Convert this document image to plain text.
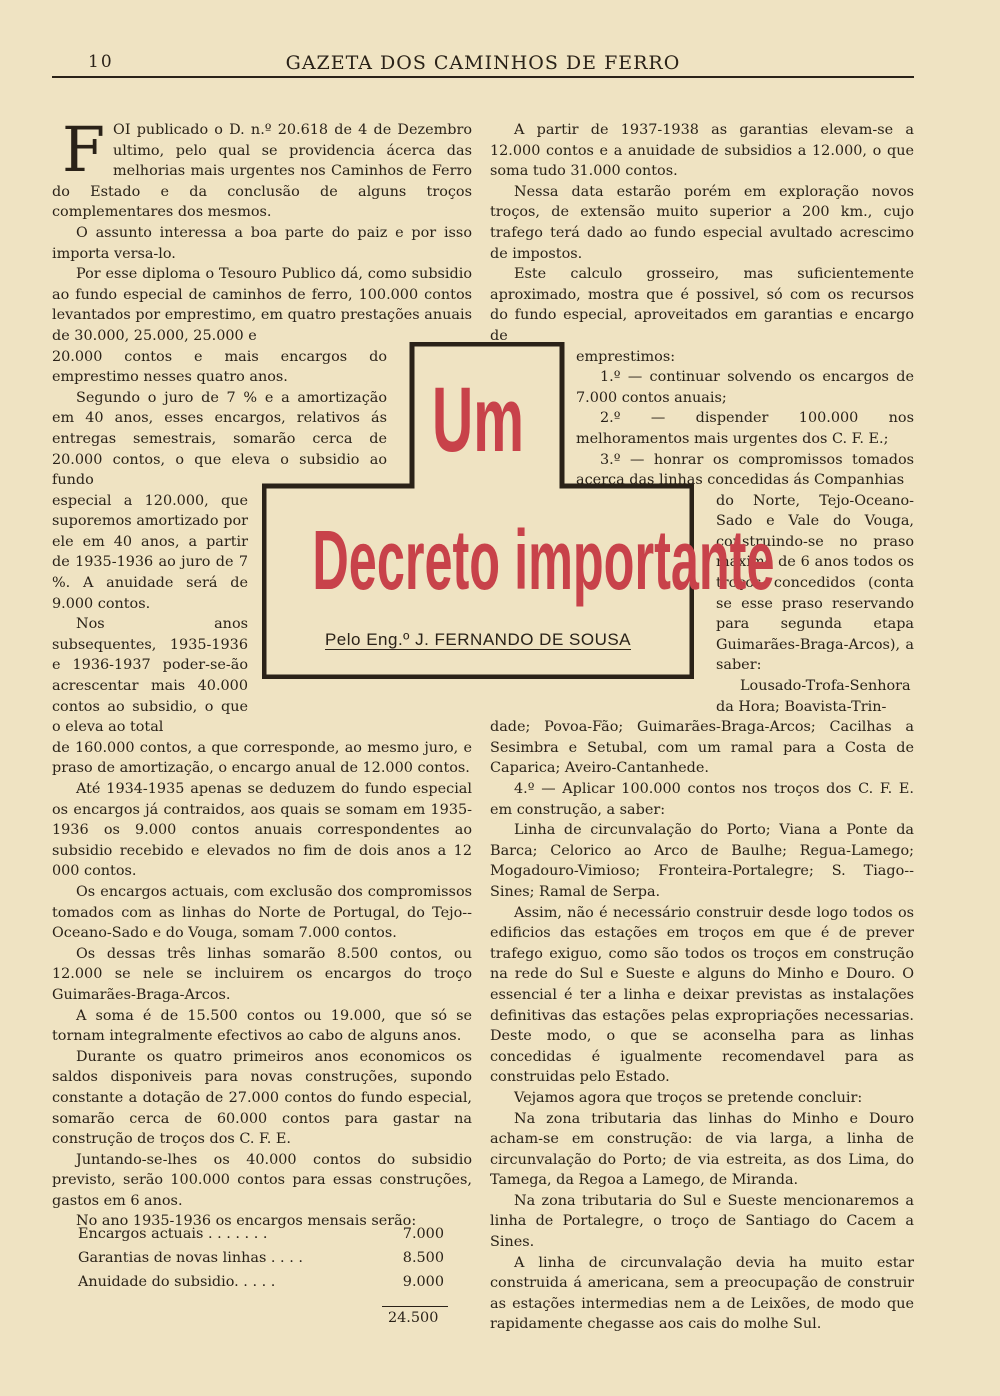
10	GAZETA DOS CAMINHOS DE FERRO

FOI publicado o D. n.º 20.618 de 4 de Dezembro ultimo, pelo qual se providencia ácerca das melhorias mais urgentes nos Caminhos de Ferro do Estado e da conclusão de alguns troços complementares dos mesmos.

O assunto interessa a boa parte do paiz e por isso importa versa-lo.

Por esse diploma o Tesouro Publico dá, como subsidio ao fundo especial de caminhos de ferro, 100.000 contos levantados por emprestimo, em quatro prestações anuais de 30.000, 25.000, 25.000 e

20.000 contos e mais encargos do emprestimo nesses quatro anos.

Segundo o juro de 7 % e a amortização em 40 anos, esses encargos, relativos ás entregas semestrais, somarão cerca de 20.000 contos, o que eleva o subsidio ao fundo

especial a 120.000, que suporemos amortizado por ele em 40 anos, a partir de 1935-1936 ao juro de 7 %. A anuidade será de 9.000 contos.

Nos anos subsequentes, 1935-1936 e 1936-1937 poder-se-ão acrescentar mais 40.000 contos ao subsidio, o que o eleva ao total

de 160.000 contos, a que corresponde, ao mesmo juro, e praso de amortização, o encargo anual de 12.000 contos.

Até 1934-1935 apenas se deduzem do fundo especial os encargos já contraidos, aos quais se somam em 1935-1936 os 9.000 contos anuais correspondentes ao subsidio recebido e elevados no fim de dois anos a 12 000 contos.

Os encargos actuais, com exclusão dos compromissos tomados com as linhas do Norte de Portugal, do Tejo--Oceano-Sado e do Vouga, somam 7.000 contos.

Os dessas três linhas somarão 8.500 contos, ou 12.000 se nele se incluirem os encargos do troço Guimarães-Braga-Arcos.

A soma é de 15.500 contos ou 19.000, que só se tornam integralmente efectivos ao cabo de alguns anos.

Durante os quatro primeiros anos economicos os saldos disponiveis para novas construções, supondo constante a dotação de 27.000 contos do fundo especial, somarão cerca de 60.000 contos para gastar na construção de troços dos C. F. E.

Juntando-se-lhes os 40.000 contos do subsidio previsto, serão 100.000 contos para essas construções, gastos em 6 anos.

No ano 1935-1936 os encargos mensais serão:

A partir de 1937-1938 as garantias elevam-se a 12.000 contos e a anuidade de subsidios a 12.000, o que soma tudo 31.000 contos.

Nessa data estarão porém em exploração novos troços, de extensão muito superior a 200 km., cujo trafego terá dado ao fundo especial avultado acrescimo de impostos.

Este calculo grosseiro, mas suficientemente aproximado, mostra que é possivel, só com os recursos do fundo especial, aproveitados em garantias e encargo de

emprestimos:

1.º — continuar solvendo os encargos de 7.000 contos anuais;

2.º — dispender 100.000 nos melhoramentos mais urgentes dos C. F. E.;

3.º — honrar os compromissos tomados acerca das linhas concedidas ás Companhias

do Norte, Tejo-Oceano-Sado e Vale do Vouga, construindo-se no praso maximo de 6 anos todos os troços concedidos (conta se esse praso reservando para segunda etapa Guimarães-Braga-Arcos), a saber:

Lousado-Trofa-Senhora da Hora; Boavista-Trin-

dade; Povoa-Fão; Guimarães-Braga-Arcos; Cacilhas a Sesimbra e Setubal, com um ramal para a Costa de Caparica; Aveiro-Cantanhede.

4.º — Aplicar 100.000 contos nos troços dos C. F. E. em construção, a saber:

Linha de circunvalação do Porto; Viana a Ponte da Barca; Celorico ao Arco de Baulhe; Regua-Lamego; Mogadouro-Vimioso; Fronteira-Portalegre; S. Tiago--Sines; Ramal de Serpa.

Assim, não é necessário construir desde logo todos os edificios das estações em troços em que é de prever trafego exiguo, como são todos os troços em construção na rede do Sul e Sueste e alguns do Minho e Douro. O essencial é ter a linha e deixar previstas as instalações definitivas das estações pelas expropriações necessarias. Deste modo, o que se aconselha para as linhas concedidas é igualmente recomendavel para as construidas pelo Estado.

Vejamos agora que troços se pretende concluir:

Na zona tributaria das linhas do Minho e Douro acham-se em construção: de via larga, a linha de circunvalação do Porto; de via estreita, as dos Lima, do Tamega, da Regoa a Lamego, de Miranda.

Na zona tributaria do Sul e Sueste mencionaremos a linha de Portalegre, o troço de Santiago do Cacem a Sines.

A linha de circunvalação devia ha muito estar construida á americana, sem a preocupação de construir as estações intermedias nem a de Leixões, de modo que rapidamente chegasse aos cais do molhe Sul.

Um
Decreto importante
Pelo Eng.º J. FERNANDO DE SOUSA
Encargos actuais . . . . . . .	7.000
Garantias de novas linhas . . . .	8.500
Anuidade do subsidio. . . . .	9.000
24.500
